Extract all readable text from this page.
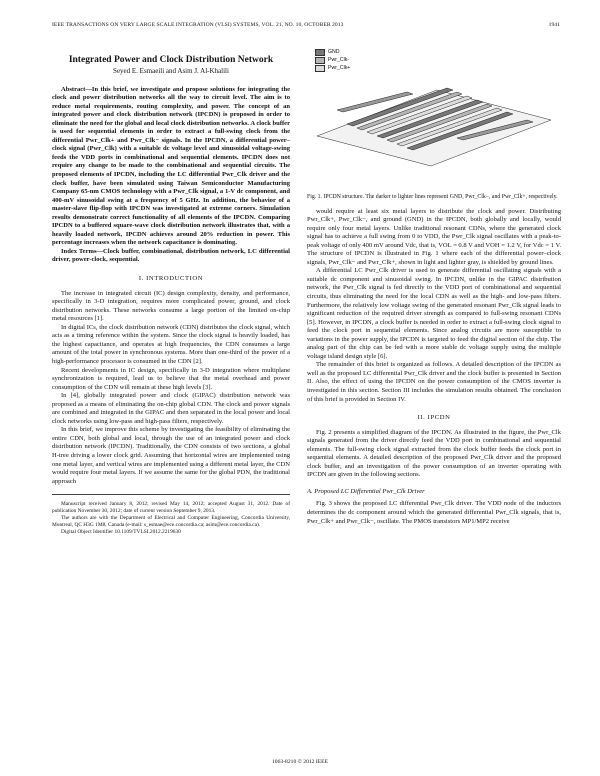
IEEE TRANSACTIONS ON VERY LARGE SCALE INTEGRATION (VLSI) SYSTEMS, VOL. 21, NO. 10, OCTOBER 2013	1941
Integrated Power and Clock Distribution Network
Seyed E. Esmaeili and Asim J. Al-Khalili

Abstract—In this brief, we investigate and propose solutions for integrating the clock and power distribution networks all the way to circuit level. The aim is to reduce metal requirements, routing complexity, and power. The concept of an integrated power and clock distribution network (IPCDN) is proposed in order to eliminate the need for the global and local clock distribution networks. A clock buffer is used for sequential elements in order to extract a full-swing clock from the differential Pwr_Clk+ and Pwr_Clk− signals. In the IPCDN, a differential power–clock signal (Pwr_Clk) with a suitable dc voltage level and sinusoidal voltage-swing feeds the VDD ports in combinational and sequential elements. IPCDN does not require any change to be made to the combinational and sequential circuits. The proposed elements of IPCDN, including the LC differential Pwr_Clk driver and the clock buffer, have been simulated using Taiwan Semiconductor Manufacturing Company 65-nm CMOS technology with a Pwr_Clk signal, a 1-V dc component, and 400-mV sinusoidal swing at a frequency of 5 GHz. In addition, the behavior of a master-slave flip-flop with IPCDN was investigated at extreme corners. Simulation results demonstrate correct functionality of all elements of the IPCDN. Comparing IPCDN to a buffered square-wave clock distribution network illustrates that, with a heavily loaded network, IPCDN achieves around 20% reduction in power. This percentage increases when the network capacitance is dominating.

Index Terms—Clock buffer, combinational, distribution network, LC differential driver, power-clock, sequential.

I. INTRODUCTION

The increase in integrated circuit (IC) design complexity, density, and performance, specifically in 3-D integration, requires more complicated power, ground, and clock distribution networks. These networks consume a large portion of the limited on-chip metal resources [1].

In digital ICs, the clock distribution network (CDN) distributes the clock signal, which acts as a timing reference within the system. Since the clock signal is heavily loaded, has the highest capacitance, and operates at high frequencies, the CDN consumes a large amount of the total power in synchronous systems. More than one-third of the power of a high-performance processor is consumed in the CDN [2].

Recent developments in IC design, specifically in 3-D integration where multiplane synchronization is required, lead us to believe that the metal overhead and power consumption of the CDN will remain at these high levels [3].

In [4], globally integrated power and clock (GIPAC) distribution network was proposed as a means of eliminating the on-chip global CDN. The clock and power signals are combined and integrated in the GIPAC and then separated in the local power and local clock networks using low-pass and high-pass filters, respectively.

In this brief, we improve this scheme by investigating the feasibility of eliminating the entire CDN, both global and local, through the use of an integrated power and clock distribution network (IPCDN). Traditionally, the CDN consists of two sections, a global H-tree driving a lower clock grid. Assuming that horizontal wires are implemented using one metal layer, and vertical wires are implemented using a different metal layer, the CDN would require four metal layers. If we assume the same for the global PDN, the traditional approach

Manuscript received January 8, 2012; revised May 14, 2012; accepted August 31, 2012. Date of publication November 30, 2012; date of current version September 9, 2013.

The authors are with the Department of Electrical and Computer Engineering, Concordia University, Montreal, QC H3G 1M8, Canada (e-mail: s_esmae@ece.concordia.ca; asim@ece.concordia.ca).

Digital Object Identifier 10.1109/TVLSI.2012.2219630

GND
Pwr_Clk-
Pwr_Clk+
Fig. 1. IPCDN structure. The darker to lighter lines represent GND, Pwr_Clk−, and Pwr_Clk+, respectively.

would require at least six metal layers to distribute the clock and power. Distributing Pwr_Clk+, Pwr_Clk−, and ground (GND) in the IPCDN, both globally and locally, would require only four metal layers. Unlike traditional resonant CDNs, where the generated clock signal has to achieve a full swing from 0 to VDD, the Pwr_Clk signal oscillates with a peak-to-peak voltage of only 400 mV around Vdc, that is, VOL = 0.8 V and VOH = 1.2 V, for Vdc = 1 V. The structure of IPCDN is illustrated in Fig. 1 where each of the differential power–clock signals, Pwr_Clk− and Pwr_Clk+, shown in light and lighter gray, is shielded by ground lines.

A differential LC Pwr_Clk driver is used to generate differential oscillating signals with a suitable dc component and sinusoidal swing. In IPCDN, unlike in the GIPAC distribution network, the Pwr_Clk signal is fed directly to the VDD port of combinational and sequential circuits, thus eliminating the need for the local CDN as well as the high- and low-pass filters. Furthermore, the relatively low voltage swing of the generated resonant Pwr_Clk signal leads to significant reduction of the required driver strength as compared to full-swing resonant CDNs [5]. However, in IPCDN, a clock buffer is needed in order to extract a full-swing clock signal to feed the clock port in sequential elements. Since analog circuits are more susceptible to variations in the power supply, the IPCDN is targeted to feed the digital section of the chip. The analog part of the chip can be fed with a more stable dc voltage supply using the multiple voltage island design style [6].

The remainder of this brief is organized as follows. A detailed description of the IPCDN as well as the proposed LC differential Pwr_Clk driver and the clock buffer is presented in Section II. Also, the effect of using the IPCDN on the power consumption of the CMOS inverter is investigated in this section. Section III includes the simulation results obtained. The conclusion of this brief is provided in Section IV.

II. IPCDN

Fig. 2 presents a simplified diagram of the IPCDN. As illustrated in the figure, the Pwr_Clk signals generated from the driver directly feed the VDD port in combinational and sequential elements. The full-swing clock signal extracted from the clock buffer feeds the clock port in sequential elements. A detailed description of the proposed Pwr_Clk driver and the proposed clock buffer, and an investigation of the power consumption of an inverter operating with IPCDN are given in the following sections.

A. Proposed LC Differential Pwr_Clk Driver

Fig. 3 shows the proposed LC differential Pwr_Clk driver. The VDD node of the inductors determines the dc component around which the generated differential Pwr_Clk signals, that is, Pwr_Clk+ and Pwr_Clk−, oscillate. The PMOS transistors MP1/MP2 receive

1063-8210 © 2012 IEEE
